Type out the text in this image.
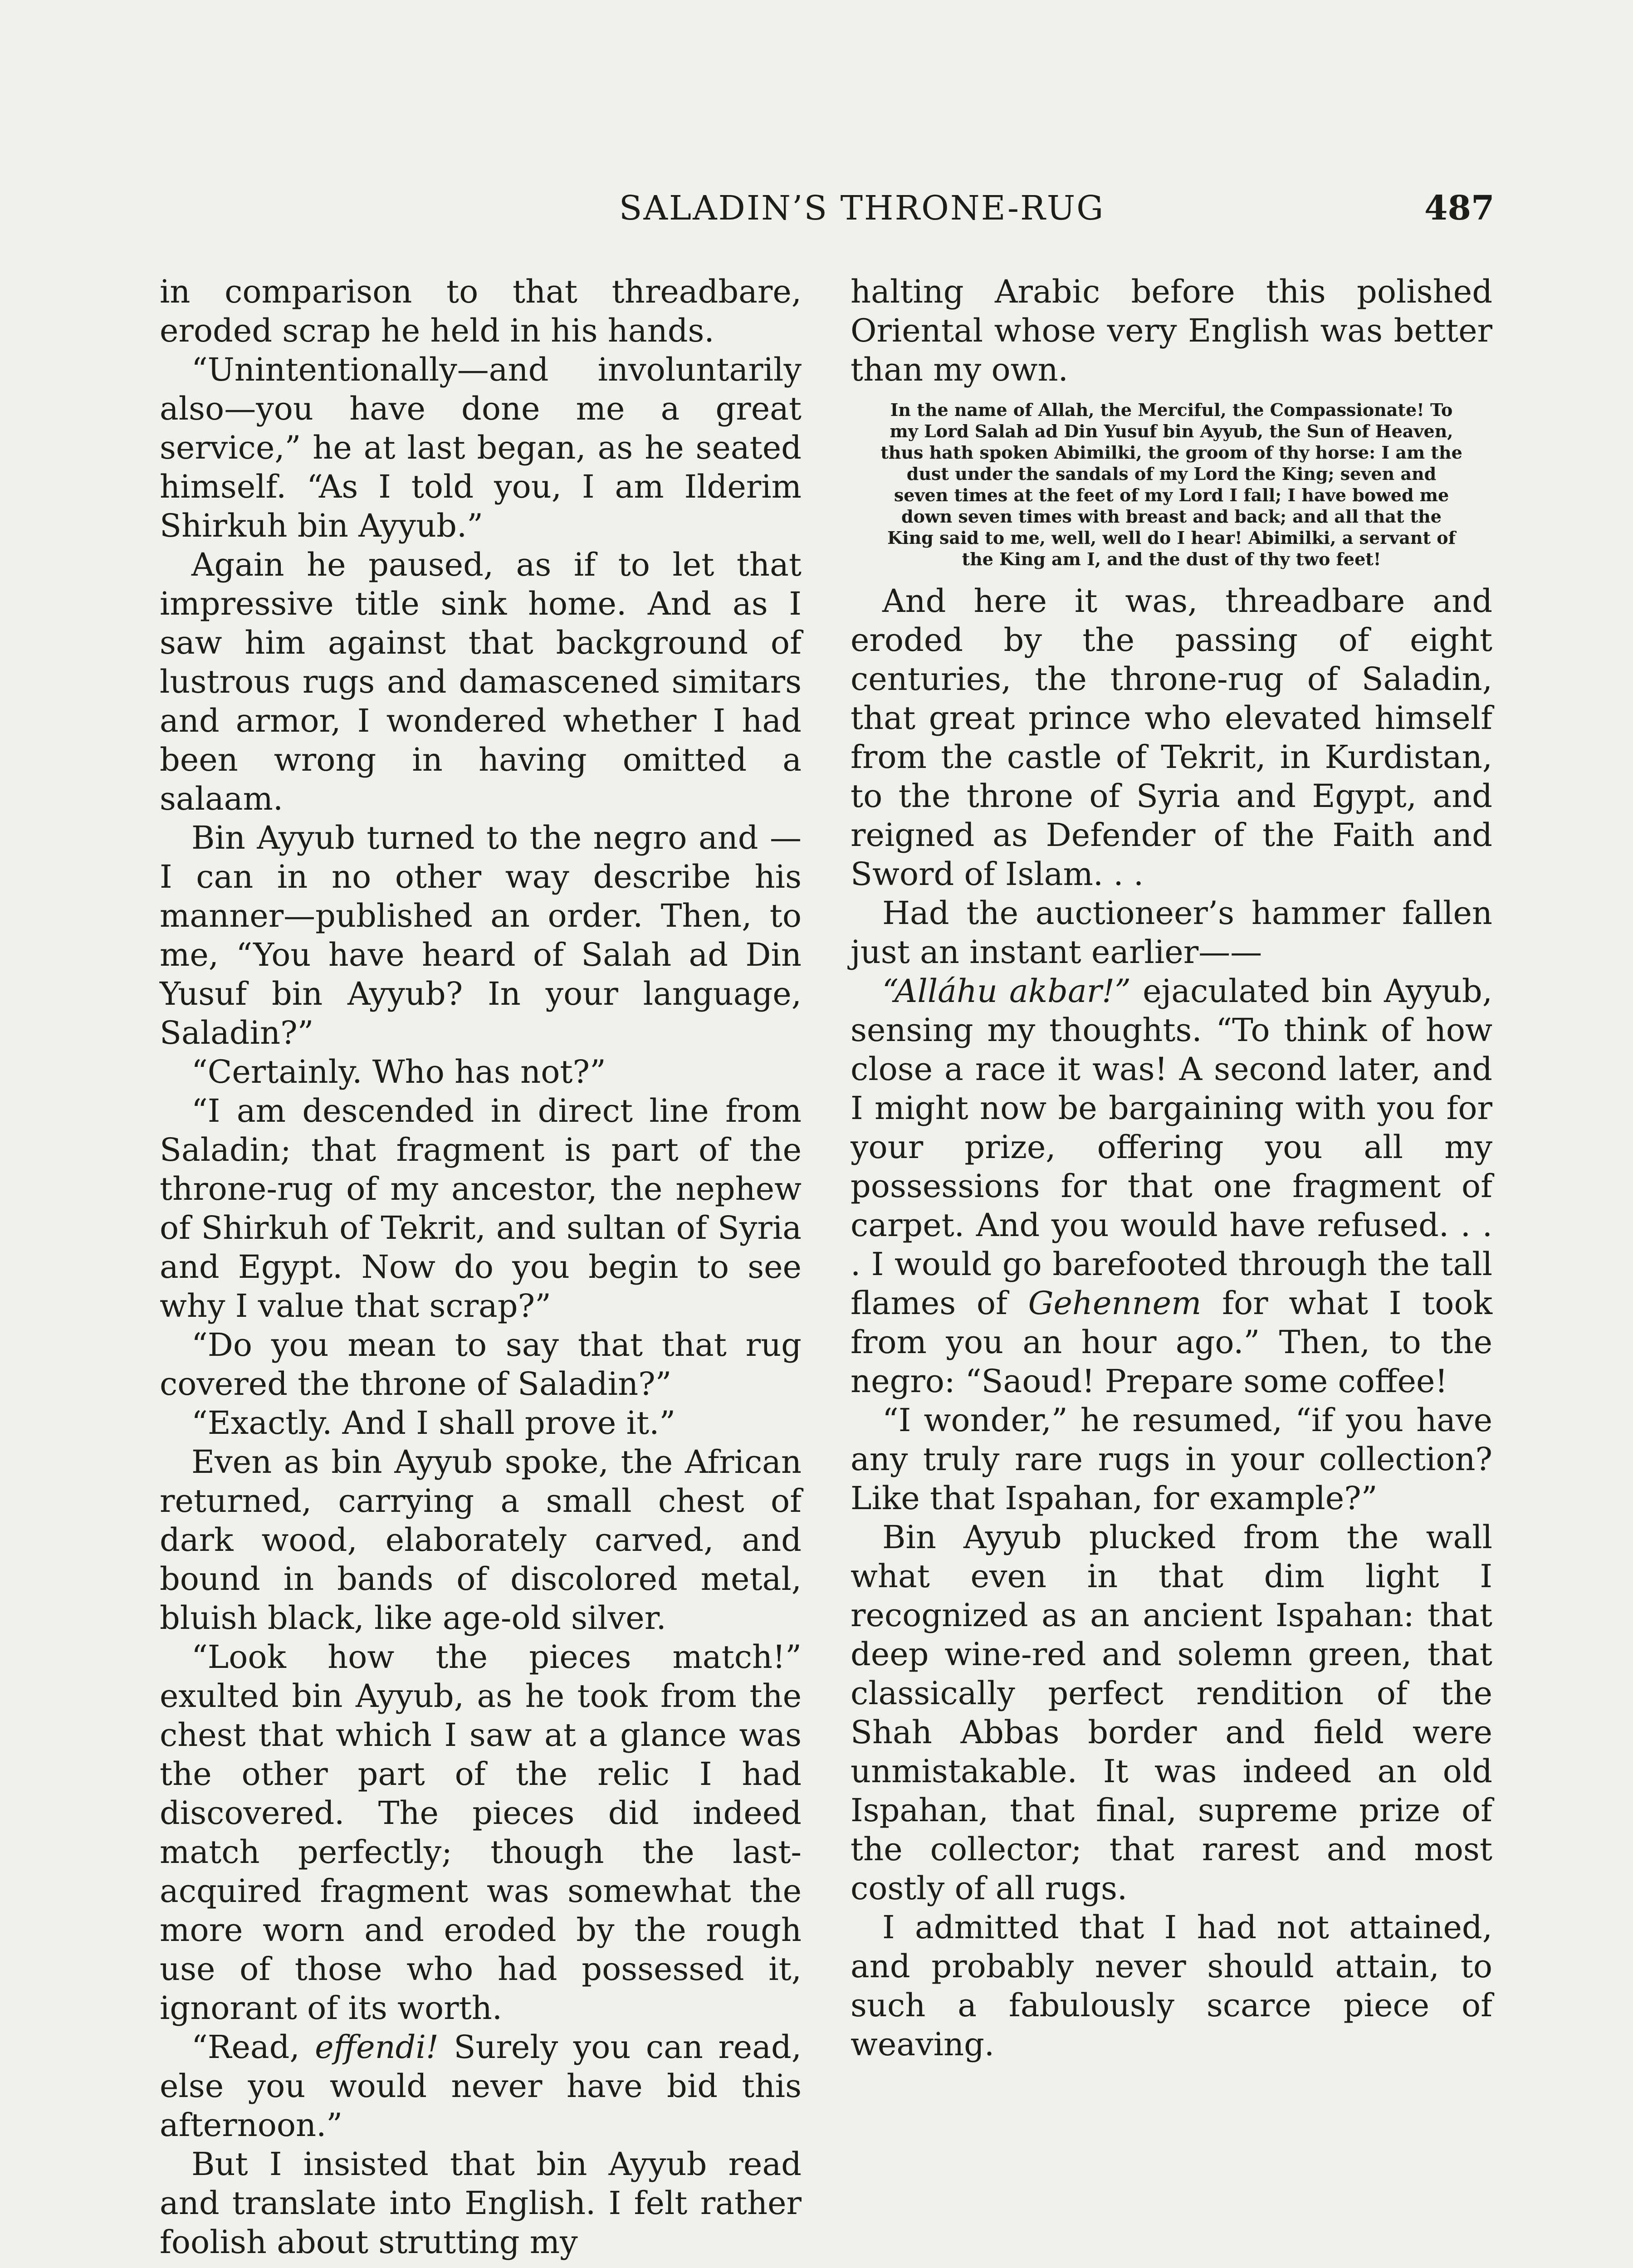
SALADIN’S THRONE-RUG	487

in comparison to that threadbare, eroded scrap he held in his hands.

“Unintentionally—and involuntarily also—you have done me a great service,” he at last began, as he seated himself. “As I told you, I am Ilderim Shirkuh bin Ayyub.”

Again he paused, as if to let that impressive title sink home. And as I saw him against that background of lustrous rugs and damascened simitars and armor, I wondered whether I had been wrong in having omitted a salaam.

Bin Ayyub turned to the negro and —I can in no other way describe his manner—published an order. Then, to me, “You have heard of Salah ad Din Yusuf bin Ayyub? In your language, Saladin?”

“Certainly. Who has not?”

“I am descended in direct line from Saladin; that fragment is part of the throne-rug of my ancestor, the nephew of Shirkuh of Tekrit, and sultan of Syria and Egypt. Now do you begin to see why I value that scrap?”

“Do you mean to say that that rug covered the throne of Saladin?”

“Exactly. And I shall prove it.”

Even as bin Ayyub spoke, the African returned, carrying a small chest of dark wood, elaborately carved, and bound in bands of discolored metal, bluish black, like age-old silver.

“Look how the pieces match!” exulted bin Ayyub, as he took from the chest that which I saw at a glance was the other part of the relic I had discovered. The pieces did indeed match perfectly; though the last-acquired fragment was somewhat the more worn and eroded by the rough use of those who had possessed it, ignorant of its worth.

“Read, effendi! Surely you can read, else you would never have bid this afternoon.”

But I insisted that bin Ayyub read and translate into English. I felt rather foolish about strutting my

halting Arabic before this polished Oriental whose very English was better than my own.

In the name of Allah, the Merciful, the Compassionate! To my Lord Salah ad Din Yusuf bin Ayyub, the Sun of Heaven, thus hath spoken Abimilki, the groom of thy horse: I am the dust under the sandals of my Lord the King; seven and seven times at the feet of my Lord I fall; I have bowed me down seven times with breast and back; and all that the King said to me, well, well do I hear! Abimilki, a servant of the King am I, and the dust of thy two feet!

And here it was, threadbare and eroded by the passing of eight centuries, the throne-rug of Saladin, that great prince who elevated himself from the castle of Tekrit, in Kurdistan, to the throne of Syria and Egypt, and reigned as Defender of the Faith and Sword of Islam. . .

Had the auctioneer’s hammer fallen just an instant earlier——

“Alláhu akbar!” ejaculated bin Ayyub, sensing my thoughts. “To think of how close a race it was! A second later, and I might now be bargaining with you for your prize, offering you all my possessions for that one fragment of carpet. And you would have refused. . . . I would go barefooted through the tall flames of Gehennem for what I took from you an hour ago.” Then, to the negro: “Saoud! Prepare some coffee!

“I wonder,” he resumed, “if you have any truly rare rugs in your collection? Like that Ispahan, for example?”

Bin Ayyub plucked from the wall what even in that dim light I recognized as an ancient Ispahan: that deep wine-red and solemn green, that classically perfect rendition of the Shah Abbas border and field were unmistakable. It was indeed an old Ispahan, that final, supreme prize of the collector; that rarest and most costly of all rugs.

I admitted that I had not attained, and probably never should attain, to such a fabulously scarce piece of weaving.
